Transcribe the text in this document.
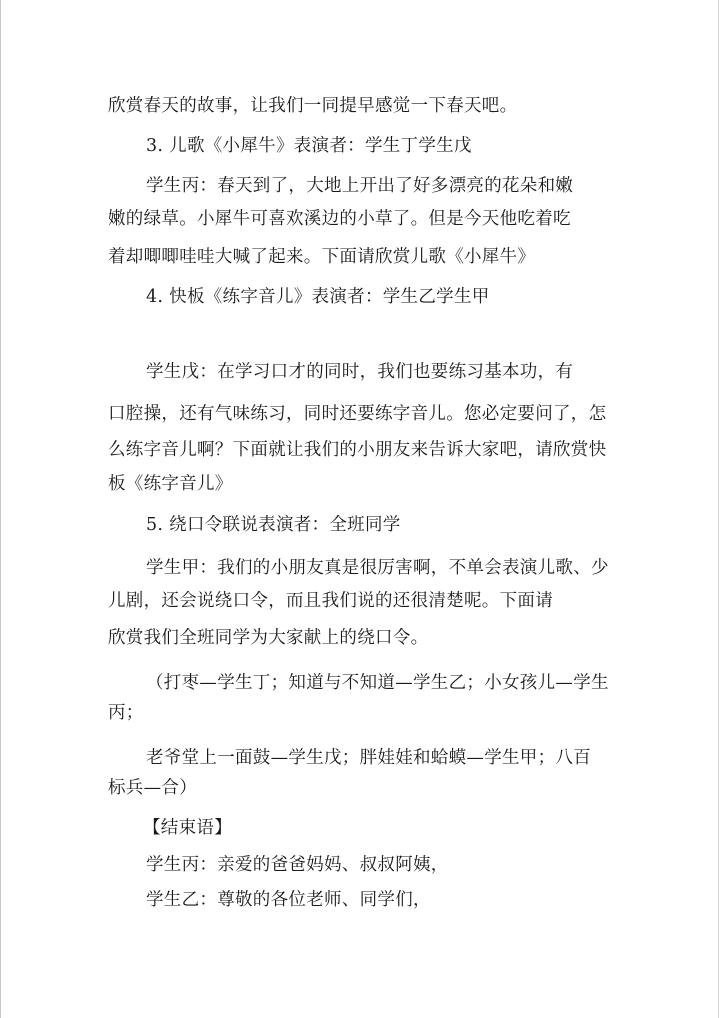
欣赏春天的故事，让我们一同提早感觉一下春天吧。
3. 儿歌《小犀牛》表演者：学生丁学生戊
学生丙：春天到了，大地上开出了好多漂亮的花朵和嫩
嫩的绿草。小犀牛可喜欢溪边的小草了。但是今天他吃着吃
着却唧唧哇哇大喊了起来。下面请欣赏儿歌《小犀牛》
4. 快板《练字音儿》表演者：学生乙学生甲
学生戊：在学习口才的同时，我们也要练习基本功，有
口腔操，还有气味练习，同时还要练字音儿。您必定要问了，怎
么练字音儿啊？下面就让我们的小朋友来告诉大家吧，请欣赏快
板《练字音儿》
5. 绕口令联说表演者：全班同学
学生甲：我们的小朋友真是很厉害啊，不单会表演儿歌、少
儿剧，还会说绕口令，而且我们说的还很清楚呢。下面请
欣赏我们全班同学为大家献上的绕口令。
（打枣—学生丁；知道与不知道—学生乙；小女孩儿—学生
丙；
老爷堂上一面鼓—学生戊；胖娃娃和蛤蟆—学生甲；八百
标兵—合）
【结束语】
学生丙：亲爱的爸爸妈妈、叔叔阿姨，
学生乙：尊敬的各位老师、同学们，
